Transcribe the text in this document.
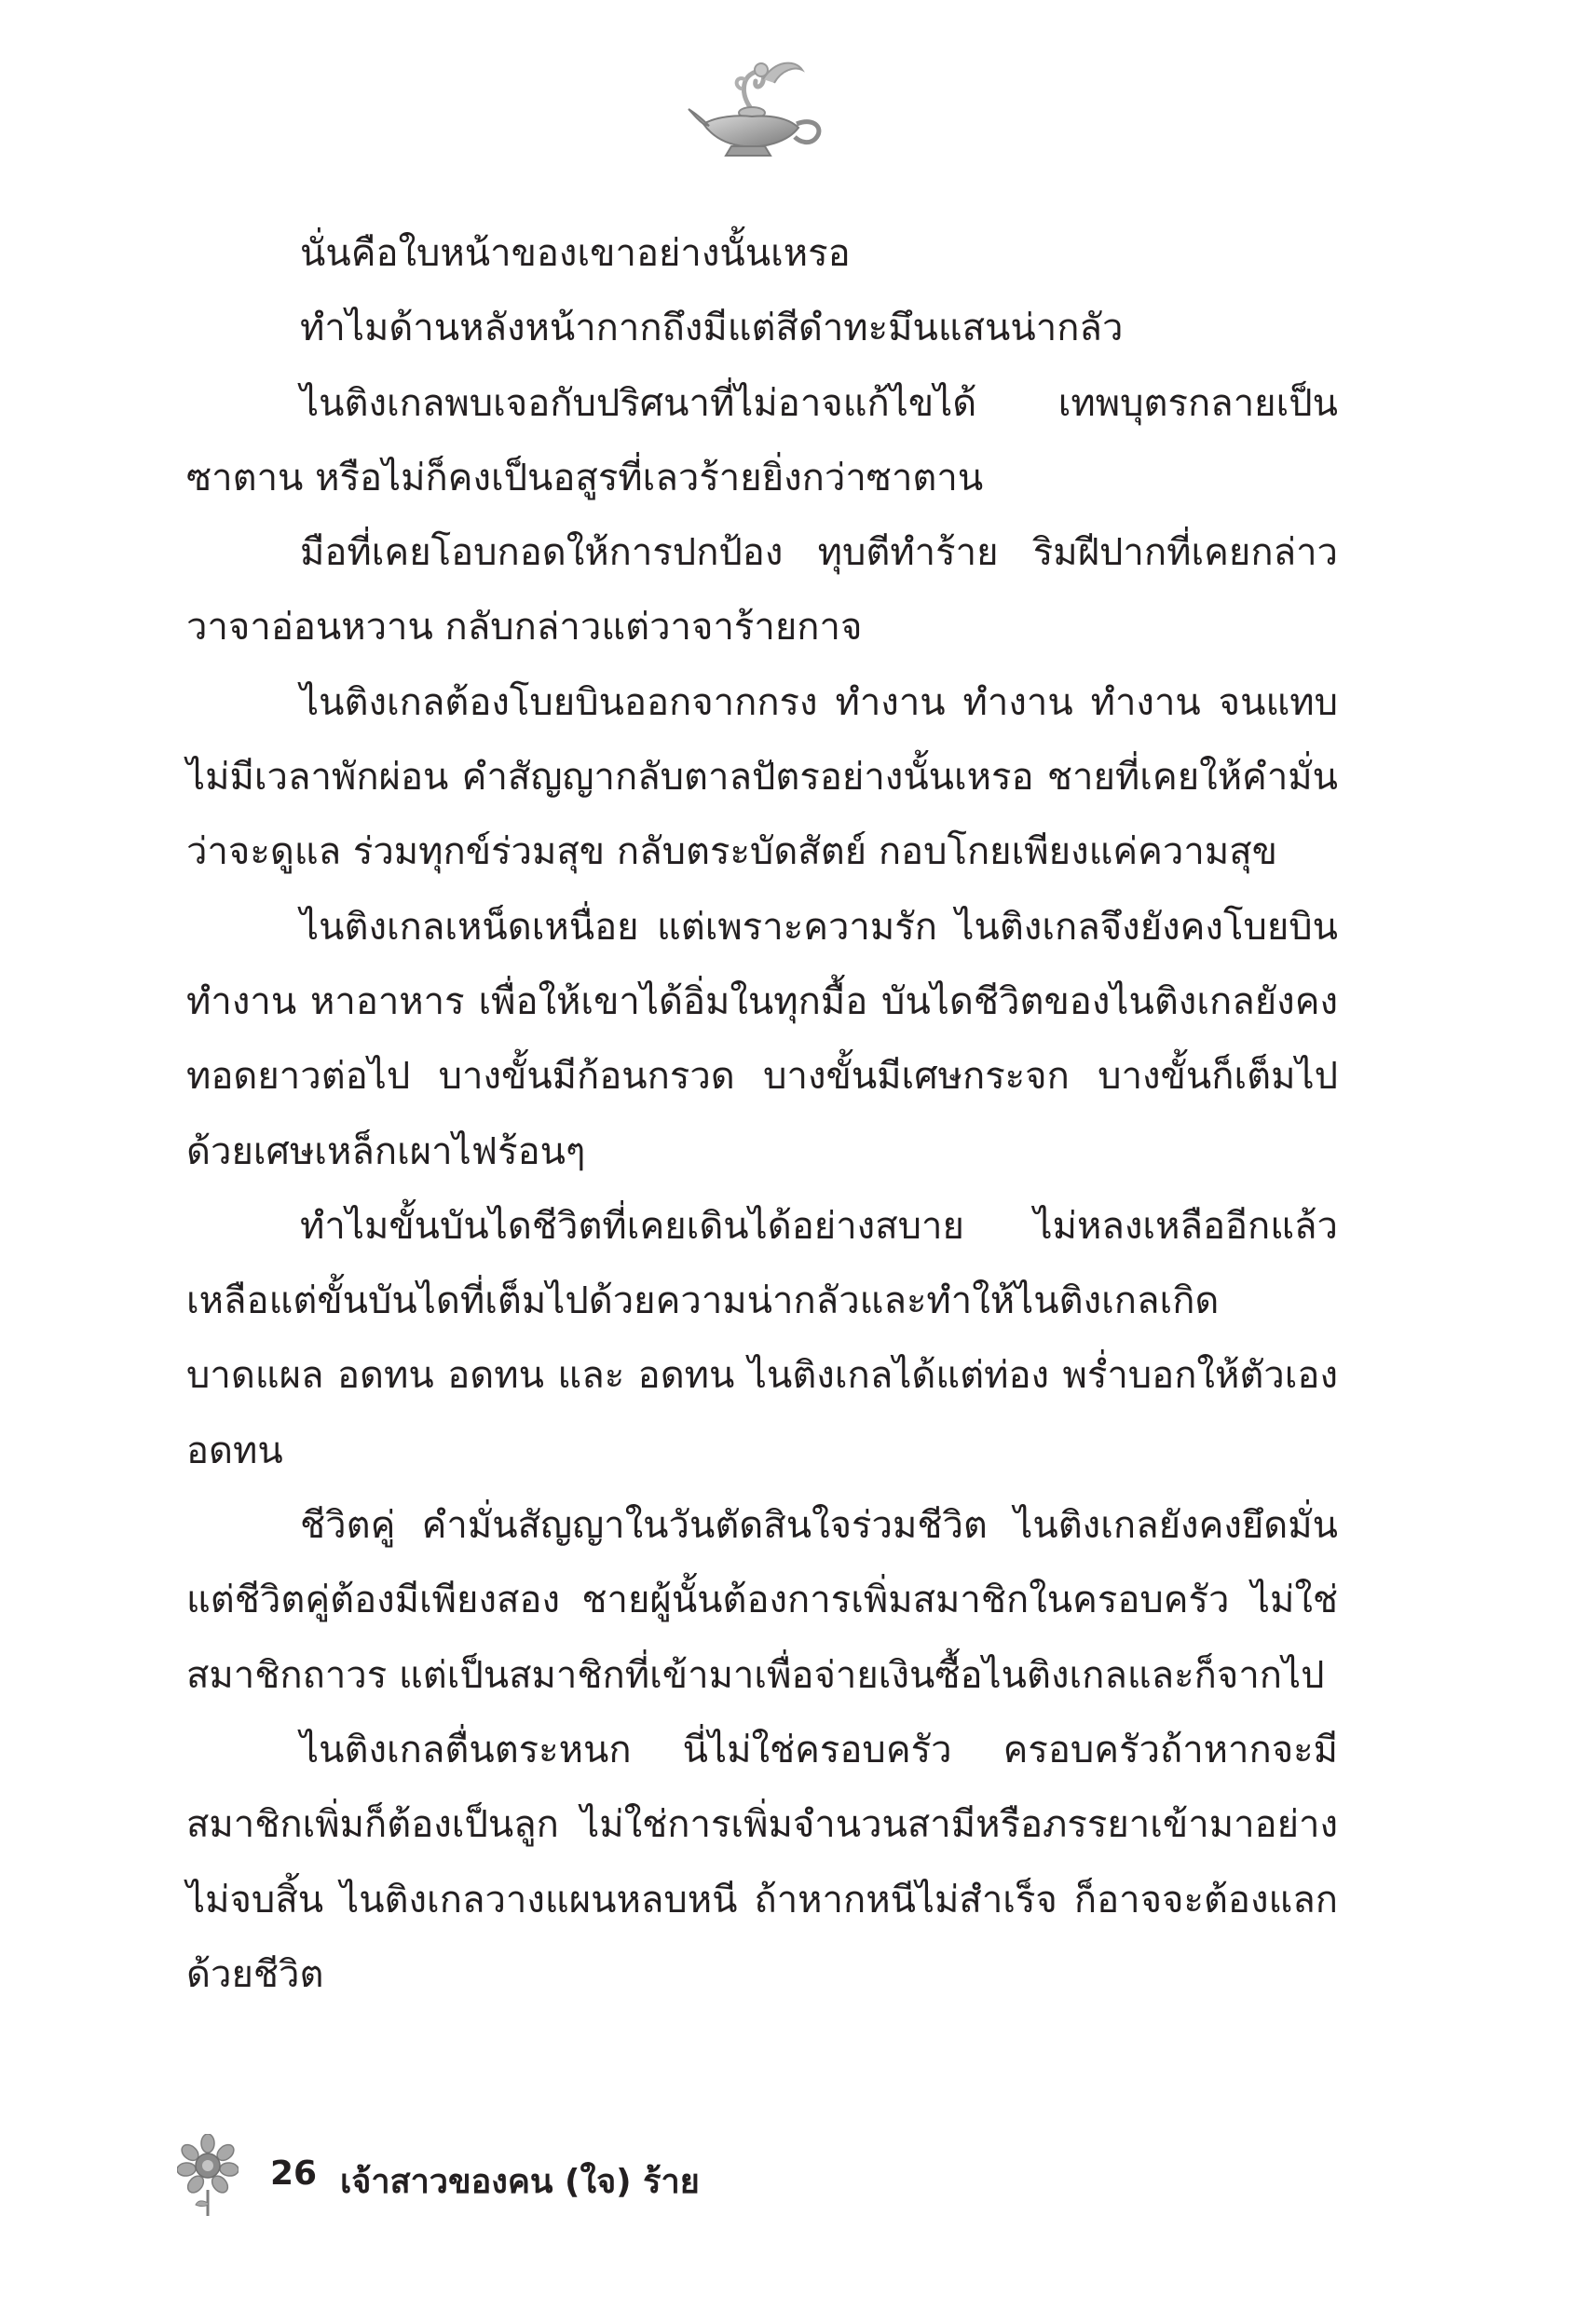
นั่นคือใบหน้าของเขาอย่างนั้นเหรอ

ทำไมด้านหลังหน้ากากถึงมีแต่สีดำทะมึนแสนน่ากลัว

ไนติงเกลพบเจอกับปริศนาที่ไม่อาจแก้ไขได้ เทพบุตรกลายเป็นซาตาน หรือไม่ก็คงเป็นอสูรที่เลวร้ายยิ่งกว่าซาตาน

มือที่เคยโอบกอดให้การปกป้อง ทุบตีทำร้าย ริมฝีปากที่เคยกล่าววาจาอ่อนหวาน กลับกล่าวแต่วาจาร้ายกาจ

ไนติงเกลต้องโบยบินออกจากกรง ทำงาน ทำงาน ทำงาน จนแทบไม่มีเวลาพักผ่อน คำสัญญากลับตาลปัตรอย่างนั้นเหรอ ชายที่เคยให้คำมั่นว่าจะดูแล ร่วมทุกข์ร่วมสุข กลับตระบัดสัตย์ กอบโกยเพียงแค่ความสุข

ไนติงเกลเหน็ดเหนื่อย แต่เพราะความรัก ไนติงเกลจึงยังคงโบยบิน ทำงาน หาอาหาร เพื่อให้เขาได้อิ่มในทุกมื้อ บันไดชีวิตของไนติงเกลยังคงทอดยาวต่อไป บางขั้นมีก้อนกรวด บางขั้นมีเศษกระจก บางขั้นก็เต็มไปด้วยเศษเหล็กเผาไฟร้อนๆ

ทำไมขั้นบันไดชีวิตที่เคยเดินได้อย่างสบาย ไม่หลงเหลืออีกแล้ว เหลือแต่ขั้นบันไดที่เต็มไปด้วยความน่ากลัวและทำให้ไนติงเกลเกิดบาดแผล อดทน อดทน และ อดทน ไนติงเกลได้แต่ท่อง พร่ำบอกให้ตัวเองอดทน

ชีวิตคู่ คำมั่นสัญญาในวันตัดสินใจร่วมชีวิต ไนติงเกลยังคงยึดมั่น แต่ชีวิตคู่ต้องมีเพียงสอง ชายผู้นั้นต้องการเพิ่มสมาชิกในครอบครัว ไม่ใช่สมาชิกถาวร แต่เป็นสมาชิกที่เข้ามาเพื่อจ่ายเงินซื้อไนติงเกลและก็จากไป

ไนติงเกลตื่นตระหนก นี่ไม่ใช่ครอบครัว ครอบครัวถ้าหากจะมีสมาชิกเพิ่มก็ต้องเป็นลูก ไม่ใช่การเพิ่มจำนวนสามีหรือภรรยาเข้ามาอย่างไม่จบสิ้น ไนติงเกลวางแผนหลบหนี ถ้าหากหนีไม่สำเร็จ ก็อาจจะต้องแลกด้วยชีวิต

26 เจ้าสาวของคน (ใจ) ร้าย
